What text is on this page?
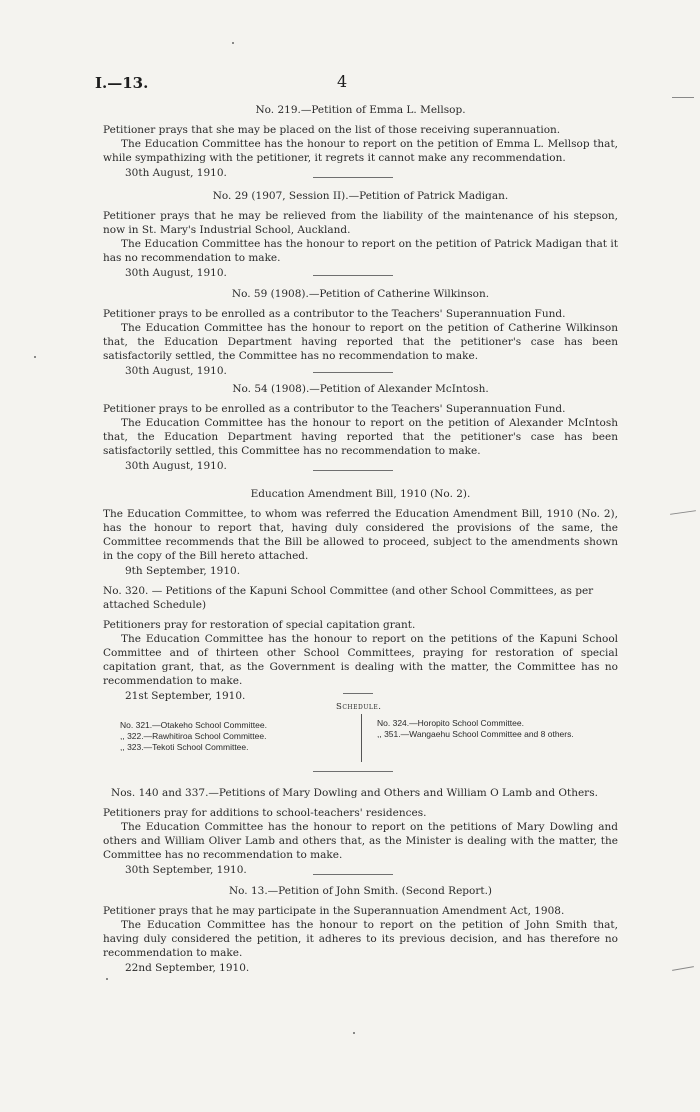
I.—13.	4
No. 219.—Petition of Emma L. Mellsop.

Petitioner prays that she may be placed on the list of those receiving superannuation.

The Education Committee has the honour to report on the petition of Emma L. Mellsop that, while sympathizing with the petitioner, it regrets it cannot make any recommendation.

30th August, 1910.
No. 29 (1907, Session II).—Petition of Patrick Madigan.

Petitioner prays that he may be relieved from the liability of the maintenance of his stepson, now in St. Mary's Industrial School, Auckland.

The Education Committee has the honour to report on the petition of Patrick Madigan that it has no recommendation to make.

30th August, 1910.
No. 59 (1908).—Petition of Catherine Wilkinson.

Petitioner prays to be enrolled as a contributor to the Teachers' Superannuation Fund.

The Education Committee has the honour to report on the petition of Catherine Wilkinson that, the Education Department having reported that the petitioner's case has been satisfactorily settled, the Committee has no recommendation to make.

30th August, 1910.
No. 54 (1908).—Petition of Alexander McIntosh.

Petitioner prays to be enrolled as a contributor to the Teachers' Superannuation Fund.

The Education Committee has the honour to report on the petition of Alexander McIntosh that, the Education Department having reported that the petitioner's case has been satisfactorily settled, this Committee has no recommendation to make.

30th August, 1910.
Education Amendment Bill, 1910 (No. 2).

The Education Committee, to whom was referred the Education Amendment Bill, 1910 (No. 2), has the honour to report that, having duly considered the provisions of the same, the Committee recommends that the Bill be allowed to proceed, subject to the amendments shown in the copy of the Bill hereto attached.

9th September, 1910.
No. 320. — Petitions of the Kapuni School Committee (and other School Committees, as per attached Schedule)

Petitioners pray for restoration of special capitation grant.

The Education Committee has the honour to report on the petitions of the Kapuni School Committee and of thirteen other School Committees, praying for restoration of special capitation grant, that, as the Government is dealing with the matter, the Committee has no recommendation to make.

21st September, 1910.
Schedule.
No. 321.—Otakeho School Committee.
,, 322.—Rawhitiroa School Committee.
,, 323.—Tekoti School Committee.
No. 324.—Horopito School Committee.
,, 351.—Wangaehu School Committee and 8 others.
Nos. 140 and 337.—Petitions of Mary Dowling and Others and William O Lamb and Others.

Petitioners pray for additions to school-teachers' residences.

The Education Committee has the honour to report on the petitions of Mary Dowling and others and William Oliver Lamb and others that, as the Minister is dealing with the matter, the Committee has no recommendation to make.

30th September, 1910.
No. 13.—Petition of John Smith. (Second Report.)

Petitioner prays that he may participate in the Superannuation Amendment Act, 1908.

The Education Committee has the honour to report on the petition of John Smith that, having duly considered the petition, it adheres to its previous decision, and has therefore no recommendation to make.

22nd September, 1910.
